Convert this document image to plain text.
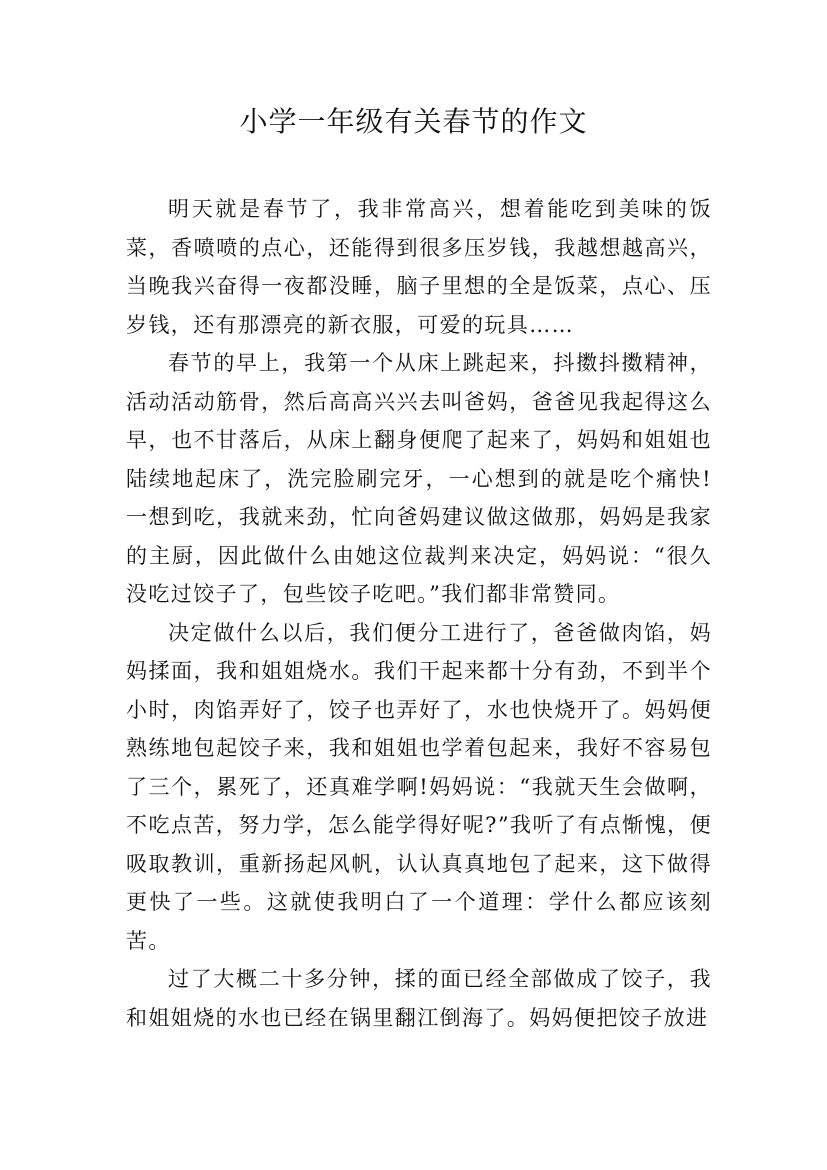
小学一年级有关春节的作文

明天就是春节了，我非常高兴，想着能吃到美味的饭菜，香喷喷的点心，还能得到很多压岁钱，我越想越高兴，当晚我兴奋得一夜都没睡，脑子里想的全是饭菜，点心、压岁钱，还有那漂亮的新衣服，可爱的玩具……

春节的早上，我第一个从床上跳起来，抖擞抖擞精神，活动活动筋骨，然后高高兴兴去叫爸妈，爸爸见我起得这么早，也不甘落后，从床上翻身便爬了起来了，妈妈和姐姐也陆续地起床了，洗完脸刷完牙，一心想到的就是吃个痛快!一想到吃，我就来劲，忙向爸妈建议做这做那，妈妈是我家的主厨，因此做什么由她这位裁判来决定，妈妈说：“很久没吃过饺子了，包些饺子吃吧。”我们都非常赞同。

决定做什么以后，我们便分工进行了，爸爸做肉馅，妈妈揉面，我和姐姐烧水。我们干起来都十分有劲，不到半个小时，肉馅弄好了，饺子也弄好了，水也快烧开了。妈妈便熟练地包起饺子来，我和姐姐也学着包起来，我好不容易包了三个，累死了，还真难学啊!妈妈说：“我就天生会做啊，不吃点苦，努力学，怎么能学得好呢?”我听了有点惭愧，便吸取教训，重新扬起风帆，认认真真地包了起来，这下做得更快了一些。这就使我明白了一个道理：学什么都应该刻苦。

过了大概二十多分钟，揉的面已经全部做成了饺子，我和姐姐烧的水也已经在锅里翻江倒海了。妈妈便把饺子放进
